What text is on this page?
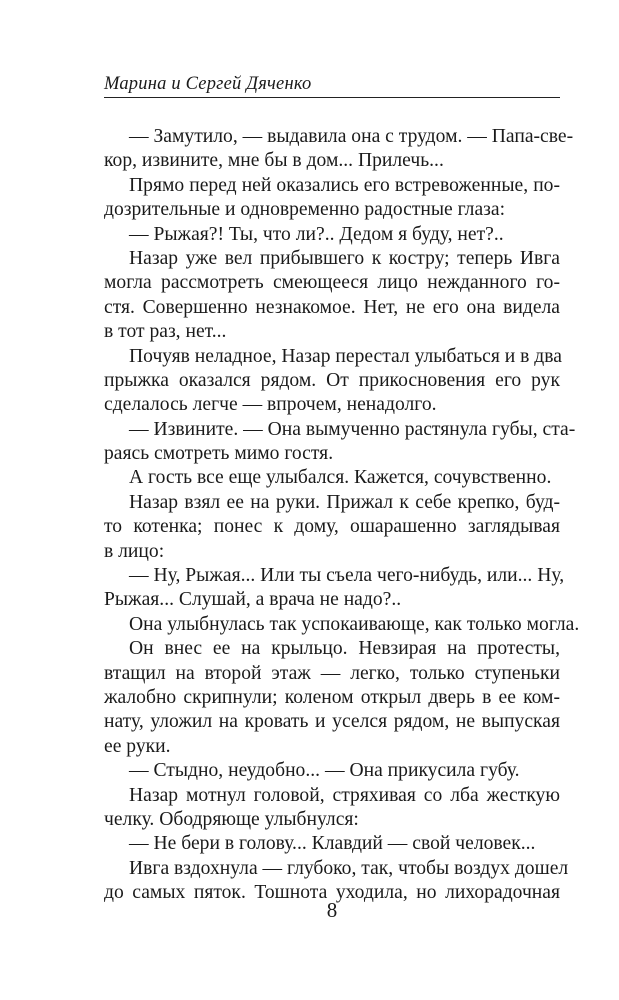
Марина и Сергей Дяченко
— Замутило, — выдавила она с трудом. — Папа-све-
кор, извините, мне бы в дом... Прилечь...
Прямо перед ней оказались его встревоженные, по-
дозрительные и одновременно радостные глаза:
— Рыжая?! Ты, что ли?.. Дедом я буду, нет?..
Назар уже вел прибывшего к костру; теперь Ивга
могла рассмотреть смеющееся лицо нежданного го-
стя. Совершенно незнакомое. Нет, не его она видела
в тот раз, нет...
Почуяв неладное, Назар перестал улыбаться и в два
прыжка оказался рядом. От прикосновения его рук
сделалось легче — впрочем, ненадолго.
— Извините. — Она вымученно растянула губы, ста-
раясь смотреть мимо гостя.
А гость все еще улыбался. Кажется, сочувственно.
Назар взял ее на руки. Прижал к себе крепко, буд-
то котенка; понес к дому, ошарашенно заглядывая
в лицо:
— Ну, Рыжая... Или ты съела чего-нибудь, или... Ну,
Рыжая... Слушай, а врача не надо?..
Она улыбнулась так успокаивающе, как только могла.
Он внес ее на крыльцо. Невзирая на протесты,
втащил на второй этаж — легко, только ступеньки
жалобно скрипнули; коленом открыл дверь в ее ком-
нату, уложил на кровать и уселся рядом, не выпуская
ее руки.
— Стыдно, неудобно... — Она прикусила губу.
Назар мотнул головой, стряхивая со лба жесткую
челку. Ободряюще улыбнулся:
— Не бери в голову... Клавдий — свой человек...
Ивга вздохнула — глубоко, так, чтобы воздух дошел
до самых пяток. Тошнота уходила, но лихорадочная
8
